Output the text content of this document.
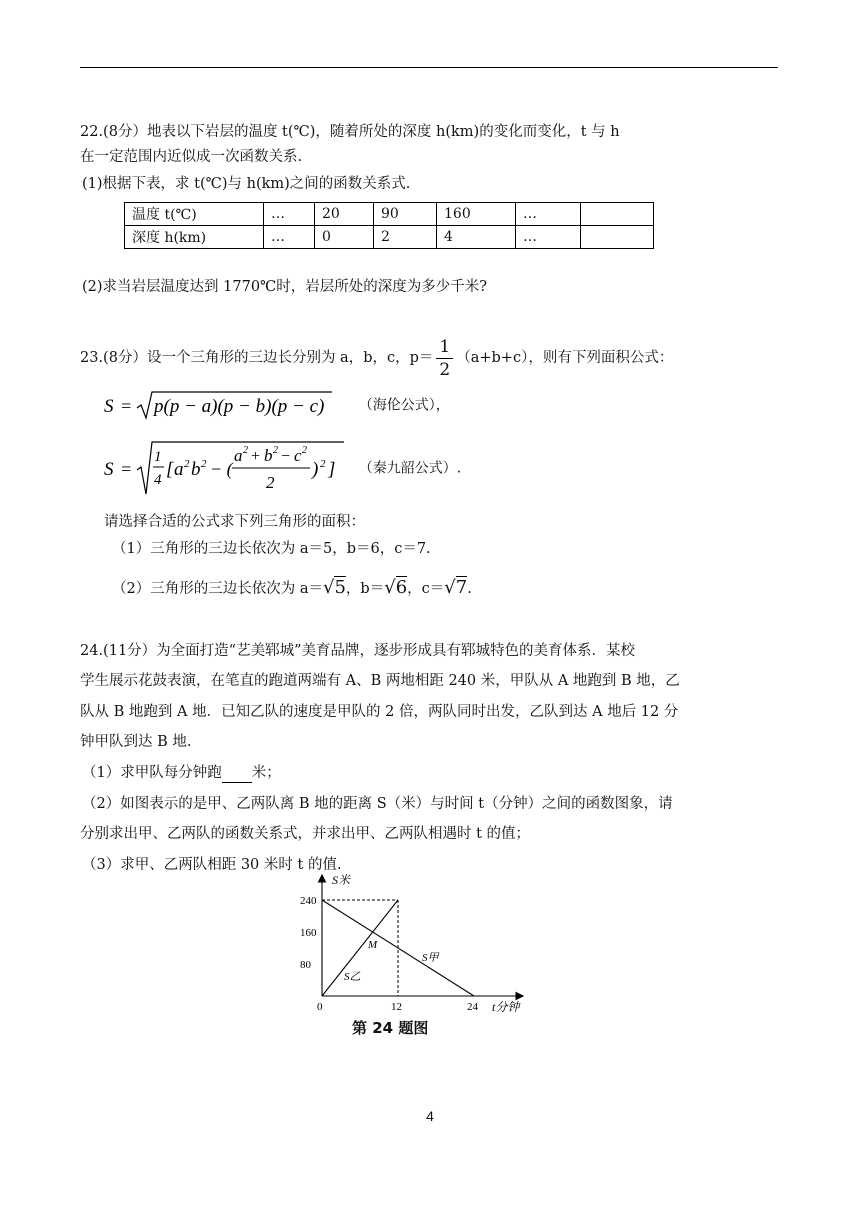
22.(8分）地表以下岩层的温度 t(℃)，随着所处的深度 h(km)的变化而变化，t 与 h
在一定范围内近似成一次函数关系.
(1)根据下表，求 t(℃)与 h(km)之间的函数关系式.
温度 t(℃)	…	20	90	160	…	
深度 h(km)	…	0	2	4	…	
(2)求当岩层温度达到 1770℃时，岩层所处的深度为多少千米?
23.(8分）设一个三角形的三边长分别为 a，b，c，$p= \frac{1}{2} (a+b+c)$，则有下列面积公式：
S = p(p − a)(p − b)(p − c) （海伦公式），
S =
1
4 [ a 2 b 2 − (
a 2 + b 2 − c 2
2
) 2 ] （秦九韶公式）.
请选择合适的公式求下列三角形的面积：
（1）三角形的三边长依次为 a＝5，b＝6，c＝7.
（2）三角形的三边长依次为 a＝√5，b＝√6，c＝√7.
24.(11分）为全面打造“艺美郓城”美育品牌，逐步形成具有郓城特色的美育体系．某校
学生展示花鼓表演，在笔直的跑道两端有 A、B 两地相距 240 米，甲队从 A 地跑到 B 地，乙
队从 B 地跑到 A 地．已知乙队的速度是甲队的 2 倍，两队同时出发，乙队到达 A 地后 12 分
钟甲队到达 B 地.
（1）求甲队每分钟跑 米；
（2）如图表示的是甲、乙两队离 B 地的距离 S（米）与时间 t（分钟）之间的函数图象，请
分别求出甲、乙两队的函数关系式，并求出甲、乙两队相遇时 t 的值；
（3）求甲、乙两队相距 30 米时 t 的值.
80
160
240
12	24
S米
t分钟
0
M
S甲
S乙
第 24 题图
4
